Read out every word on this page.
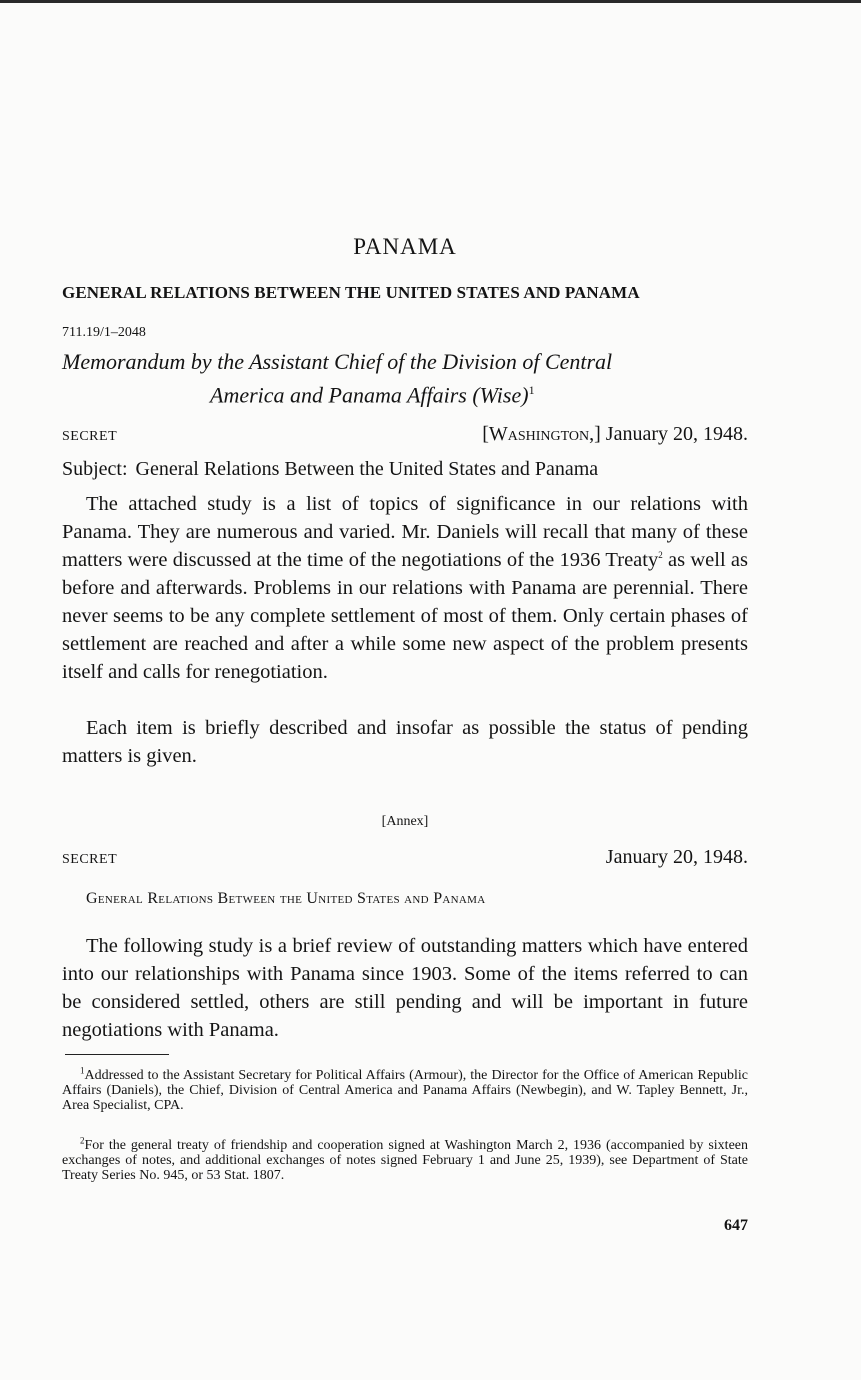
PANAMA
GENERAL RELATIONS BETWEEN THE UNITED STATES AND PANAMA
711.19/1–2048
Memorandum by the Assistant Chief of the Division of Central
America and Panama Affairs (Wise)$^1$
SECRET	[Washington,] January 20, 1948.
Subject: General Relations Between the United States and Panama

The attached study is a list of topics of significance in our relations with Panama. They are numerous and varied. Mr. Daniels will recall that many of these matters were discussed at the time of the negotiations of the 1936 Treaty$^2$ as well as before and afterwards. Problems in our relations with Panama are perennial. There never seems to be any complete settlement of most of them. Only certain phases of settlement are reached and after a while some new aspect of the problem presents itself and calls for renegotiation.

Each item is briefly described and insofar as possible the status of pending matters is given.

[Annex]
SECRET	January 20, 1948.
General Relations Between the United States and Panama

The following study is a brief review of outstanding matters which have entered into our relationships with Panama since 1903. Some of the items referred to can be considered settled, others are still pending and will be important in future negotiations with Panama.

$^1$Addressed to the Assistant Secretary for Political Affairs (Armour), the Director for the Office of American Republic Affairs (Daniels), the Chief, Division of Central America and Panama Affairs (Newbegin), and W. Tapley Bennett, Jr., Area Specialist, CPA.

$^2$For the general treaty of friendship and cooperation signed at Washington March 2, 1936 (accompanied by sixteen exchanges of notes, and additional exchanges of notes signed February 1 and June 25, 1939), see Department of State Treaty Series No. 945, or 53 Stat. 1807.

647
